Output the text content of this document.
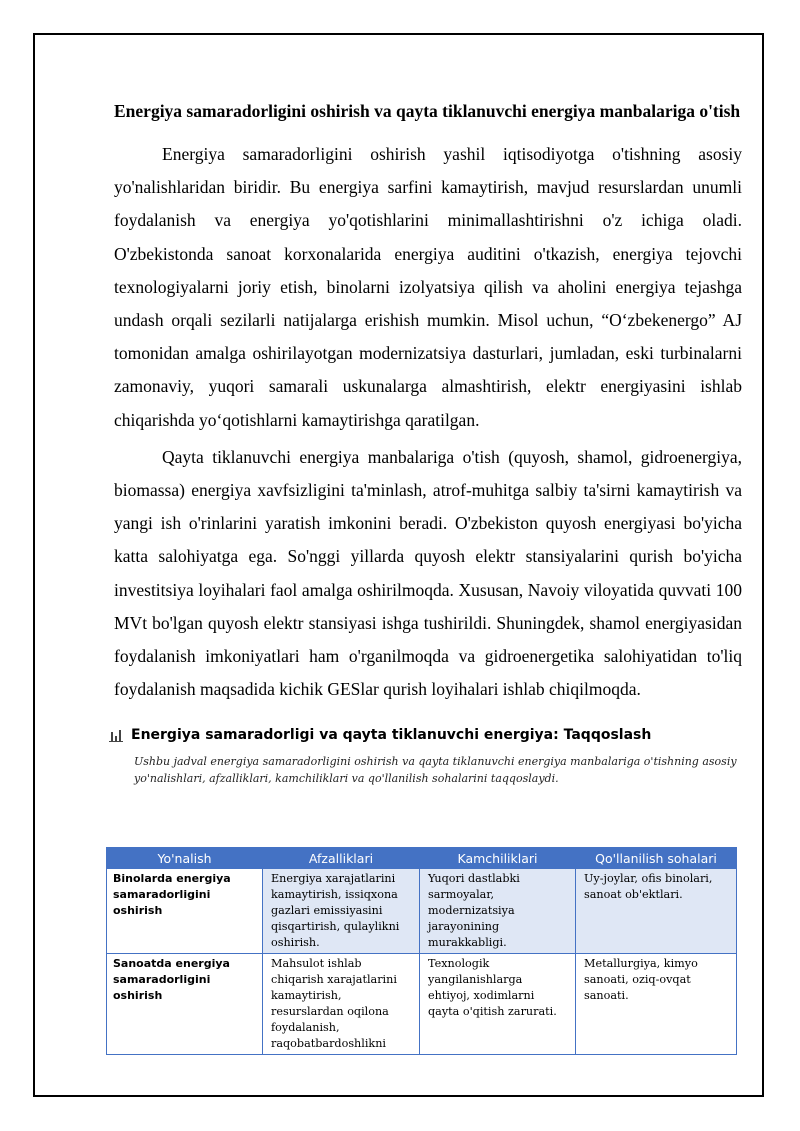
Energiya samaradorligini oshirish va qayta tiklanuvchi energiya manbalariga o'tish

Energiya samaradorligini oshirish yashil iqtisodiyotga o'tishning asosiy yo'nalishlaridan biridir. Bu energiya sarfini kamaytirish, mavjud resurslardan unumli foydalanish va energiya yo'qotishlarini minimallashtirishni o'z ichiga oladi. O'zbekistonda sanoat korxonalarida energiya auditini o'tkazish, energiya tejovchi texnologiyalarni joriy etish, binolarni izolyatsiya qilish va aholini energiya tejashga undash orqali sezilarli natijalarga erishish mumkin. Misol uchun, “O‘zbekenergo” AJ tomonidan amalga oshirilayotgan modernizatsiya dasturlari, jumladan, eski turbinalarni zamonaviy, yuqori samarali uskunalarga almashtirish, elektr energiyasini ishlab chiqarishda yo‘qotishlarni kamaytirishga qaratilgan.

Qayta tiklanuvchi energiya manbalariga o'tish (quyosh, shamol, gidroenergiya, biomassa) energiya xavfsizligini ta'minlash, atrof-muhitga salbiy ta'sirni kamaytirish va yangi ish o'rinlarini yaratish imkonini beradi. O'zbekiston quyosh energiyasi bo'yicha katta salohiyatga ega. So'nggi yillarda quyosh elektr stansiyalarini qurish bo'yicha investitsiya loyihalari faol amalga oshirilmoqda. Xususan, Navoiy viloyatida quvvati 100 MVt bo'lgan quyosh elektr stansiyasi ishga tushirildi. Shuningdek, shamol energiyasidan foydalanish imkoniyatlari ham o'rganilmoqda va gidroenergetika salohiyatidan to'liq foydalanish maqsadida kichik GESlar qurish loyihalari ishlab chiqilmoqda.

Energiya samaradorligi va qayta tiklanuvchi energiya: Taqqoslash

Ushbu jadval energiya samaradorligini oshirish va qayta tiklanuvchi energiya manbalariga o'tishning asosiy yo'nalishlari, afzalliklari, kamchiliklari va qo'llanilish sohalarini taqqoslaydi.

Yo'nalish	Afzalliklari	Kamchiliklari	Qo'llanilish sohalari
Binolarda energiya samaradorligini oshirish	Energiya xarajatlarini kamaytirish, issiqxona gazlari emissiyasini qisqartirish, qulaylikni oshirish.	Yuqori dastlabki sarmoyalar, modernizatsiya jarayonining murakkabligi.	Uy-joylar, ofis binolari, sanoat ob'ektlari.
Sanoatda energiya samaradorligini oshirish	Mahsulot ishlab chiqarish xarajatlarini kamaytirish, resurslardan oqilona foydalanish, raqobatbardoshlikni	Texnologik yangilanishlarga ehtiyoj, xodimlarni qayta o'qitish zarurati.	Metallurgiya, kimyo sanoati, oziq-ovqat sanoati.
